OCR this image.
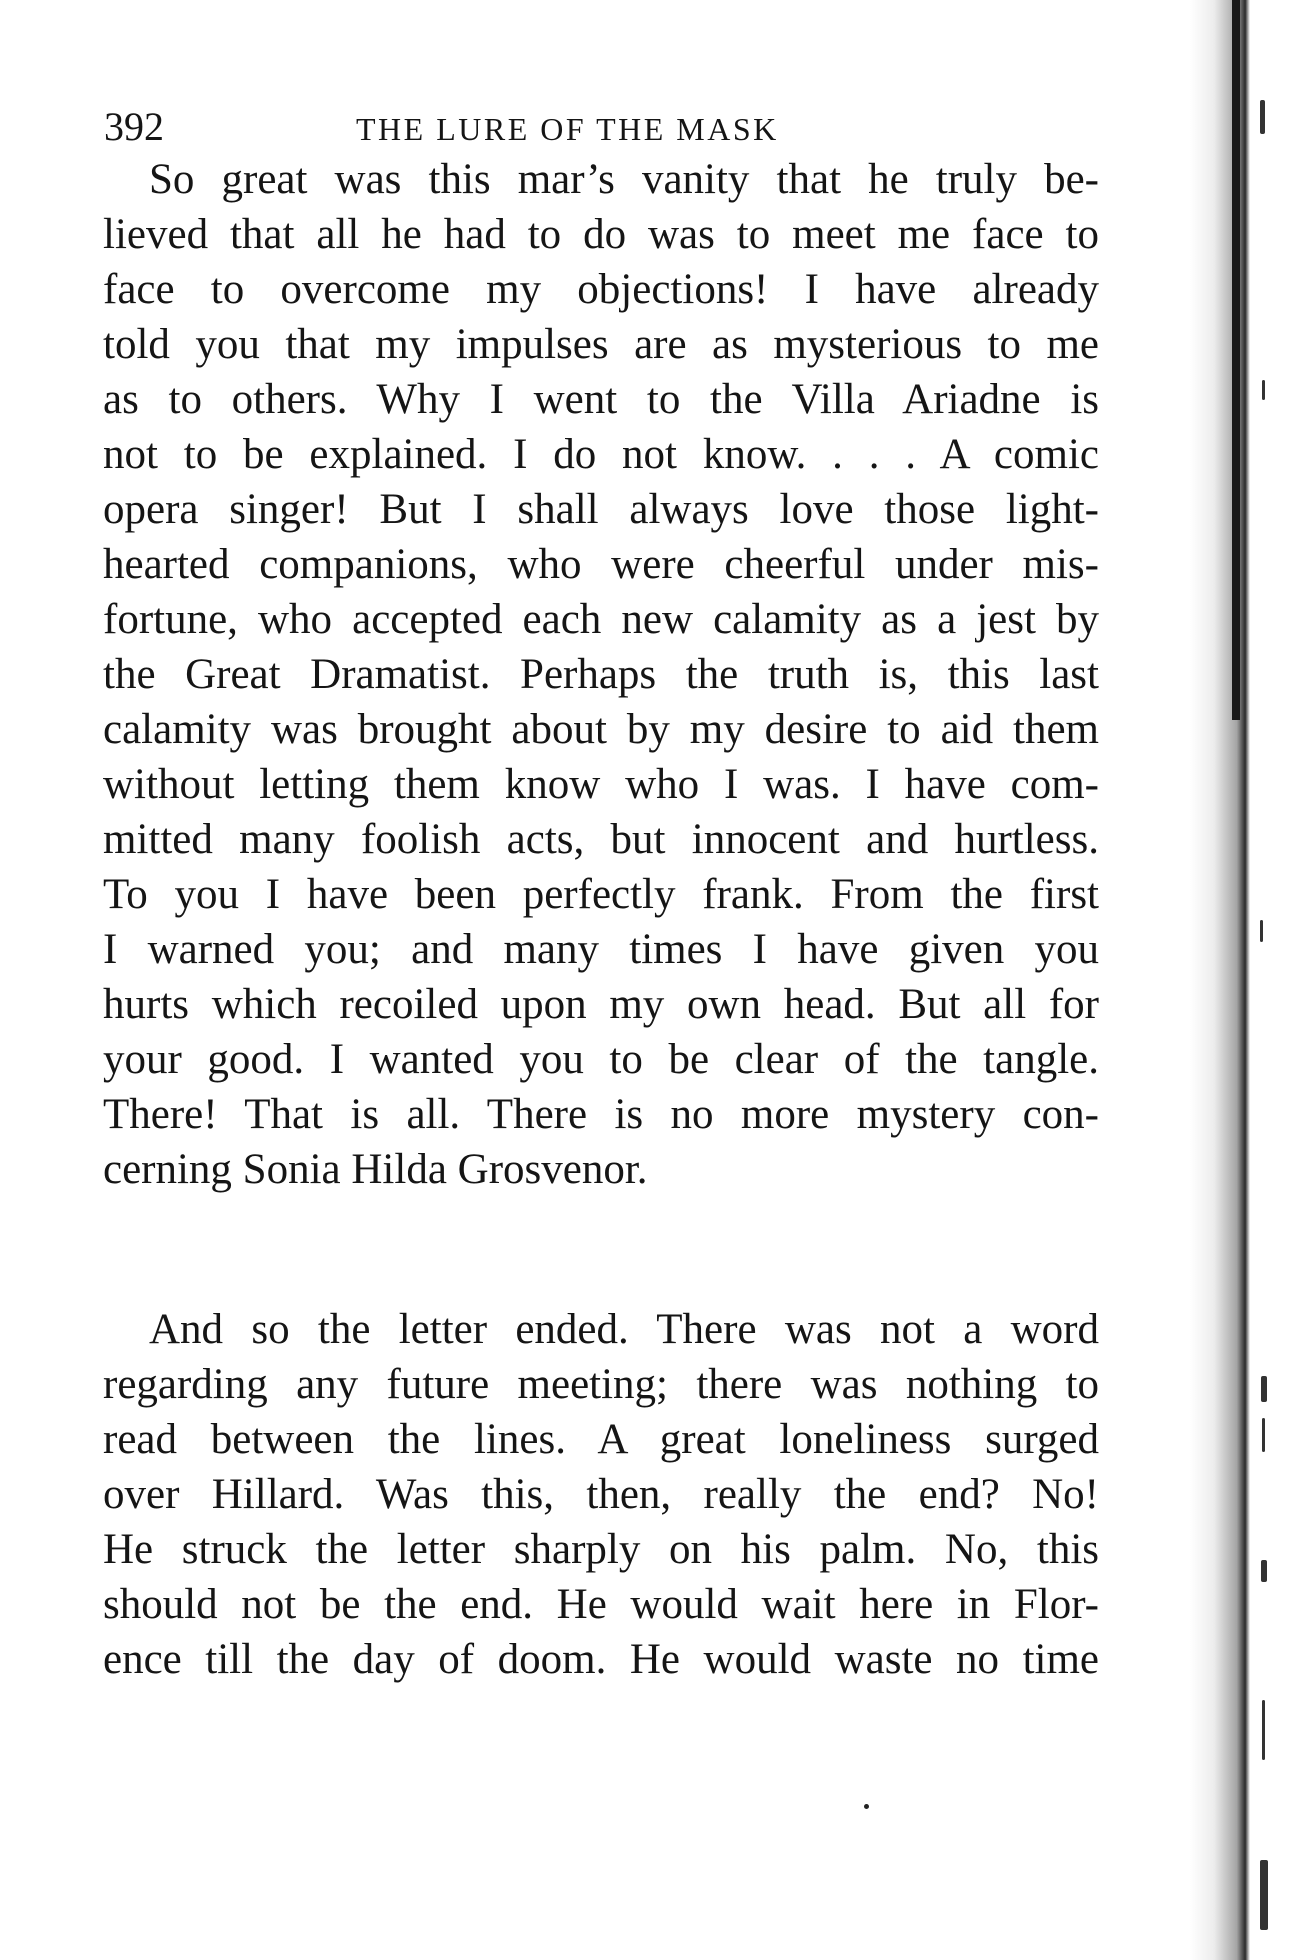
392	THE LURE OF THE MASK
So great was this mar’s vanity that he truly be-
lieved that all he had to do was to meet me face to
face to overcome my objections! I have already
told you that my impulses are as mysterious to me
as to others. Why I went to the Villa Ariadne is
not to be explained. I do not know. . . . A comic
opera singer! But I shall always love those light-
hearted companions, who were cheerful under mis-
fortune, who accepted each new calamity as a jest by
the Great Dramatist. Perhaps the truth is, this last
calamity was brought about by my desire to aid them
without letting them know who I was. I have com-
mitted many foolish acts, but innocent and hurtless.
To you I have been perfectly frank. From the first
I warned you; and many times I have given you
hurts which recoiled upon my own head. But all for
your good. I wanted you to be clear of the tangle.
There! That is all. There is no more mystery con-
cerning Sonia Hilda Grosvenor.
And so the letter ended. There was not a word
regarding any future meeting; there was nothing to
read between the lines. A great loneliness surged
over Hillard. Was this, then, really the end? No!
He struck the letter sharply on his palm. No, this
should not be the end. He would wait here in Flor-
ence till the day of doom. He would waste no time
